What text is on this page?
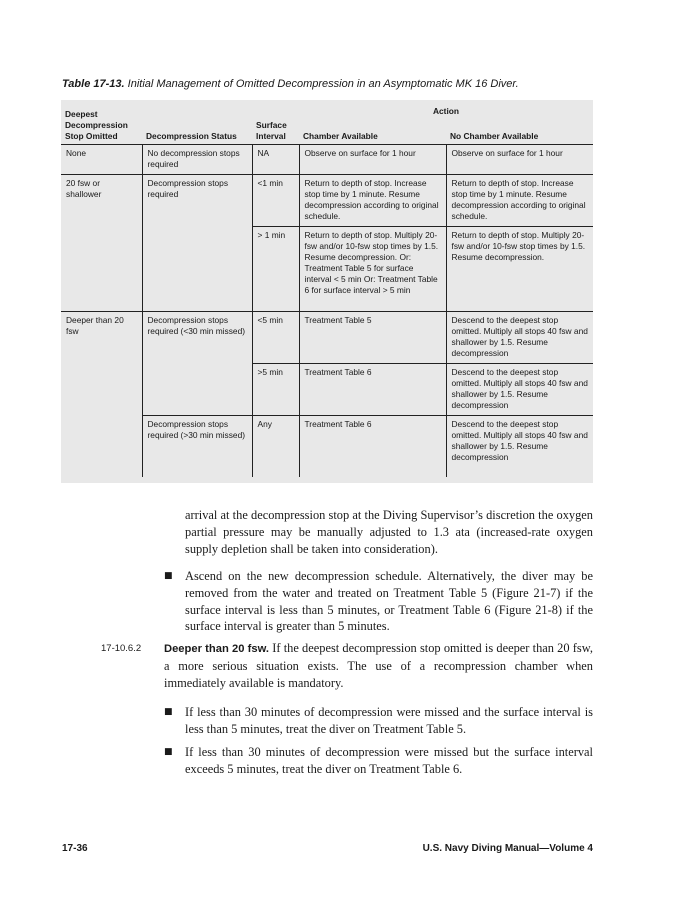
Table 17-13. Initial Management of Omitted Decompression in an Asymptomatic MK 16 Diver.
Deepest Decompression Stop Omitted	Decompression Status	Surface Interval	Action	
			Chamber Available	No Chamber Available
None	No decompression stops required	NA	Observe on surface for 1 hour	Observe on surface for 1 hour
20 fsw or shallower	Decompression stops required	<1 min	Return to depth of stop. Increase stop time by 1 minute. Resume decompression according to original schedule.	Return to depth of stop. Increase stop time by 1 minute. Resume decompression according to original schedule.
		> 1 min	Return to depth of stop. Multiply 20-fsw and/or 10-fsw stop times by 1.5. Resume decompression. Or: Treatment Table 5 for surface interval < 5 min Or: Treatment Table 6 for surface interval > 5 min	Return to depth of stop. Multiply 20-fsw and/or 10-fsw stop times by 1.5. Resume decompression.
Deeper than 20 fsw	Decompression stops required (<30 min missed)	<5 min	Treatment Table 5	Descend to the deepest stop omitted. Multiply all stops 40 fsw and shallower by 1.5. Resume decompression
		>5 min	Treatment Table 6	Descend to the deepest stop omitted. Multiply all stops 40 fsw and shallower by 1.5. Resume decompression
	Decompression stops required (>30 min missed)	Any	Treatment Table 6	Descend to the deepest stop omitted. Multiply all stops 40 fsw and shallower by 1.5. Resume decompression
arrival at the decompression stop at the Diving Supervisor’s discretion the oxygen partial pressure may be manually adjusted to 1.3 ata (increased-rate oxygen supply depletion shall be taken into consideration).
■ Ascend on the new decompression schedule. Alternatively, the diver may be removed from the water and treated on Treatment Table 5 (Figure 21-7) if the surface interval is less than 5 minutes, or Treatment Table 6 (Figure 21-8) if the surface interval is greater than 5 minutes.
17-10.6.2 Deeper than 20 fsw. If the deepest decompression stop omitted is deeper than 20 fsw, a more serious situation exists. The use of a recompression chamber when immediately available is mandatory.
■ If less than 30 minutes of decompression were missed and the surface interval is less than 5 minutes, treat the diver on Treatment Table 5.
■ If less than 30 minutes of decompression were missed but the surface interval exceeds 5 minutes, treat the diver on Treatment Table 6.
17-36	U.S. Navy Diving Manual—Volume 4
